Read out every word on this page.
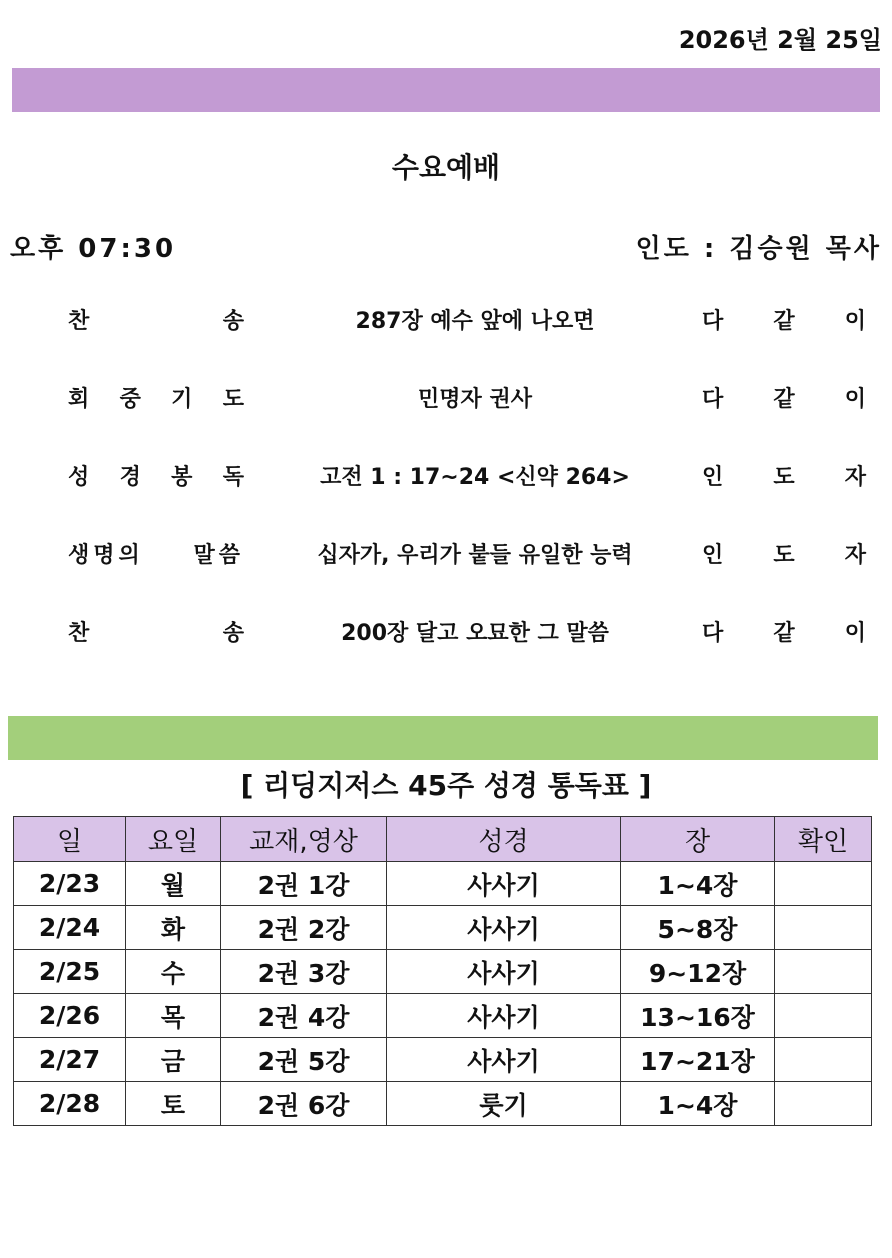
2026년 2월 25일
수요예배
오후 07:30	인도 : 김승원 목사
찬	송	287장 예수 앞에 나오면	다 같 이
회 중 기 도	민명자 권사	다 같 이
성 경 봉 독	고전 1 : 17~24 <신약 264>	인 도 자
생명의 말씀	십자가, 우리가 붙들 유일한 능력	인 도 자
찬	송	200장 달고 오묘한 그 말씀	다 같 이
[ 리딩지저스 45주 성경 통독표 ]
일	요일	교재,영상	성경	장	확인
2/23	월	2권 1강	사사기	1~4장	
2/24	화	2권 2강	사사기	5~8장	
2/25	수	2권 3강	사사기	9~12장	
2/26	목	2권 4강	사사기	13~16장	
2/27	금	2권 5강	사사기	17~21장	
2/28	토	2권 6강	룻기	1~4장	
